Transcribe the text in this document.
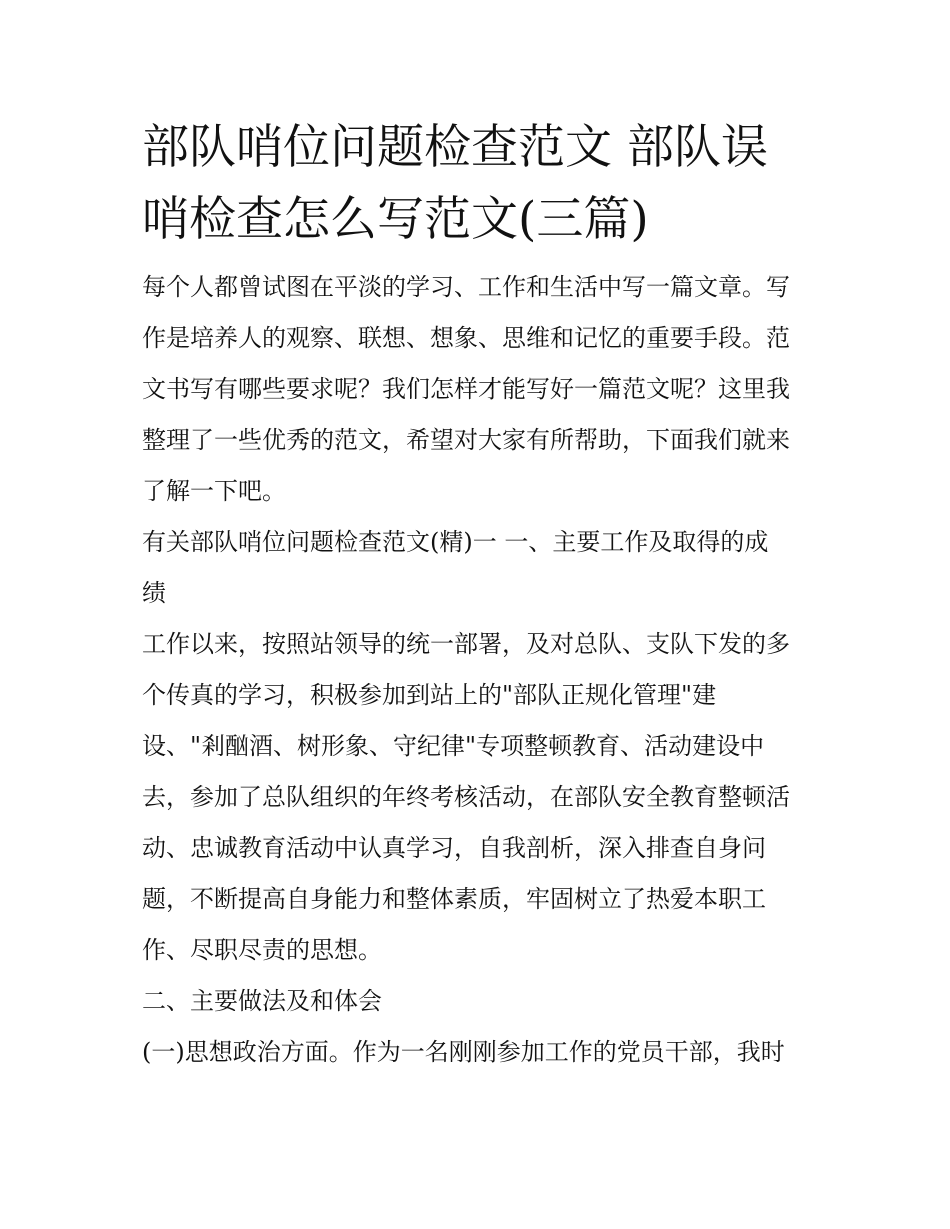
部队哨位问题检查范文 部队误
哨检查怎么写范文(三篇)

每个人都曾试图在平淡的学习、工作和生活中写一篇文章。写
作是培养人的观察、联想、想象、思维和记忆的重要手段。范
文书写有哪些要求呢？我们怎样才能写好一篇范文呢？这里我
整理了一些优秀的范文，希望对大家有所帮助，下面我们就来
了解一下吧。

有关部队哨位问题检查范文(精)一 一、主要工作及取得的成
绩

工作以来，按照站领导的统一部署，及对总队、支队下发的多
个传真的学习，积极参加到站上的"部队正规化管理"建
设、"剎酗酒、树形象、守纪律"专项整顿教育、活动建设中
去，参加了总队组织的年终考核活动，在部队安全教育整顿活
动、忠诚教育活动中认真学习，自我剖析，深入排查自身问
题，不断提高自身能力和整体素质，牢固树立了热爱本职工
作、尽职尽责的思想。

二、主要做法及和体会

(一)思想政治方面。作为一名刚刚参加工作的党员干部，我时
